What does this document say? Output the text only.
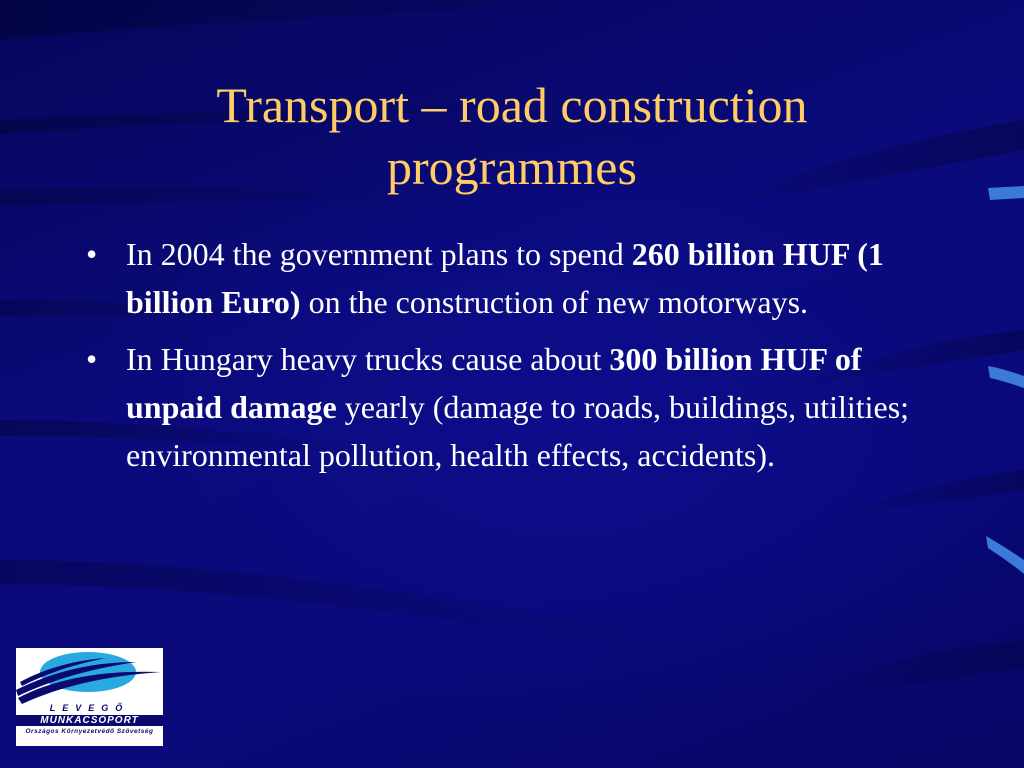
Transport – road construction programmes
• In 2004 the government plans to spend 260 billion HUF (1 billion Euro) on the construction of new motorways.
• In Hungary heavy trucks cause about 300 billion HUF of unpaid damage yearly (damage to roads, buildings, utilities; environmental pollution, health effects, accidents).
LEVEGŐ
MUNKACSOPORT
Országos Környezetvédő Szövetség
